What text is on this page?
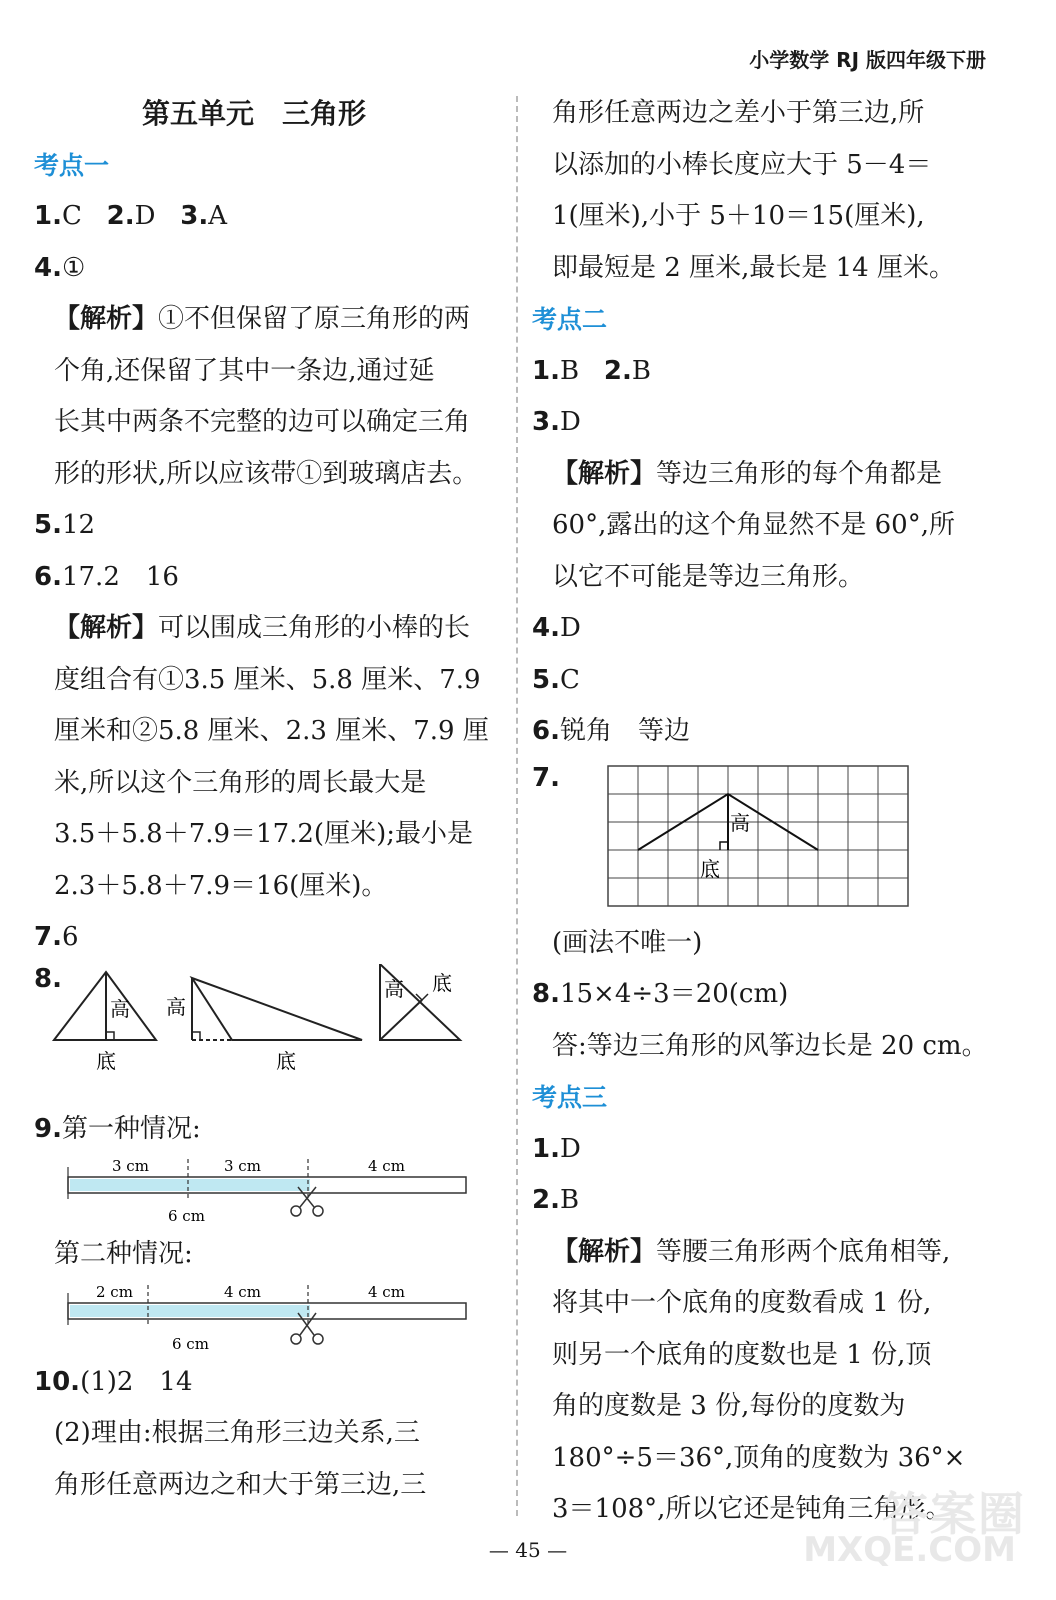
小学数学 RJ 版四年级下册
第五单元　三角形
考点一
1.C 2.D 3.A
4.①
【解析】①不但保留了原三角形的两
个角,还保留了其中一条边,通过延
长其中两条不完整的边可以确定三角
形的形状,所以应该带①到玻璃店去。
5.12
6.17.2　16
【解析】可以围成三角形的小棒的长
度组合有①3.5 厘米、5.8 厘米、7.9
厘米和②5.8 厘米、2.3 厘米、7.9 厘
米,所以这个三角形的周长最大是
3.5＋5.8＋7.9＝17.2(厘米);最小是
2.3＋5.8＋7.9＝16(厘米)。
7.6
8.
高
底
高
底
高 底
9.第一种情况:
3 cm	3 cm	4 cm
6 cm
第二种情况:
2 cm	4 cm	4 cm
6 cm
10.(1)2　14
(2)理由:根据三角形三边关系,三
角形任意两边之和大于第三边,三
角形任意两边之差小于第三边,所
以添加的小棒长度应大于 5－4＝
1(厘米),小于 5＋10＝15(厘米),
即最短是 2 厘米,最长是 14 厘米。
考点二
1.B 2.B
3.D
【解析】等边三角形的每个角都是
60°,露出的这个角显然不是 60°,所
以它不可能是等边三角形。
4.D
5.C
6.锐角　等边
7.
高
底
(画法不唯一)
8.15×4÷3＝20(cm)
答:等边三角形的风筝边长是 20 cm。
考点三
1.D
2.B
【解析】等腰三角形两个底角相等,
将其中一个底角的度数看成 1 份,
则另一个底角的度数也是 1 份,顶
角的度数是 3 份,每份的度数为
180°÷5＝36°,顶角的度数为 36°×
3＝108°,所以它还是钝角三角形。
答案圈
MXQE.COM
— 45 —
